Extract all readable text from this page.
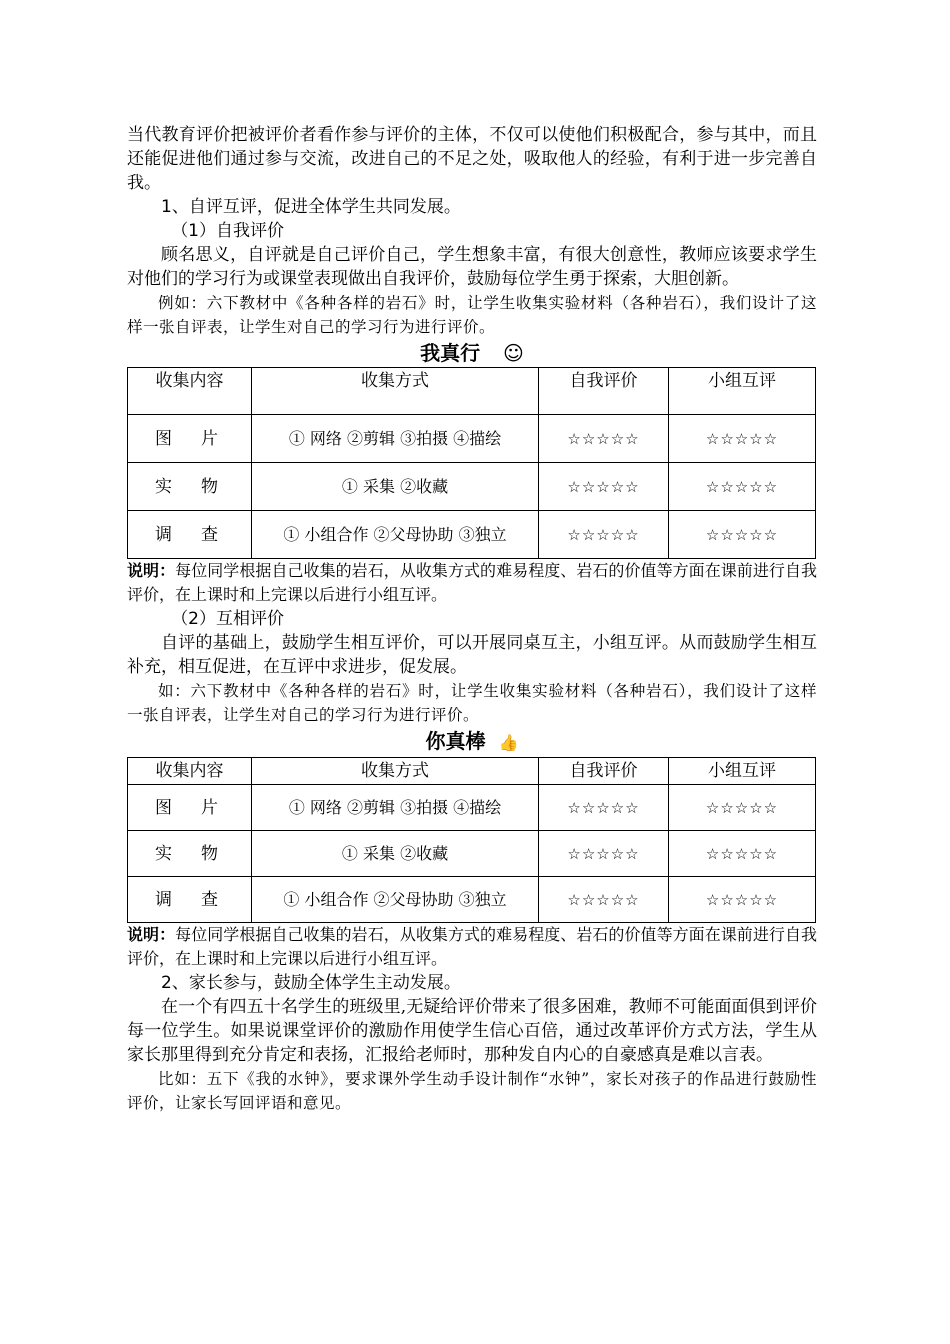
当代教育评价把被评价者看作参与评价的主体，不仅可以使他们积极配合，参与其中，而且还能促进他们通过参与交流，改进自己的不足之处，吸取他人的经验，有利于进一步完善自我。

1、自评互评，促进全体学生共同发展。

（1）自我评价

顾名思义，自评就是自己评价自己，学生想象丰富，有很大创意性，教师应该要求学生对他们的学习行为或课堂表现做出自我评价，鼓励每位学生勇于探索，大胆创新。

例如：六下教材中《各种各样的岩石》时，让学生收集实验材料（各种岩石），我们设计了这样一张自评表，让学生对自己的学习行为进行评价。

我真行 ☺
收集内容	收集方式	自我评价	小组互评
图　片	① 网络 ②剪辑 ③拍摄 ④描绘	☆☆☆☆☆	☆☆☆☆☆
实　物	① 采集 ②收藏	☆☆☆☆☆	☆☆☆☆☆
调　查	① 小组合作 ②父母协助 ③独立	☆☆☆☆☆	☆☆☆☆☆

说明：每位同学根据自己收集的岩石，从收集方式的难易程度、岩石的价值等方面在课前进行自我评价，在上课时和上完课以后进行小组互评。

（2）互相评价

自评的基础上，鼓励学生相互评价，可以开展同桌互主，小组互评。从而鼓励学生相互补充，相互促进，在互评中求进步，促发展。

如：六下教材中《各种各样的岩石》时，让学生收集实验材料（各种岩石），我们设计了这样一张自评表，让学生对自己的学习行为进行评价。

你真棒 👍
收集内容	收集方式	自我评价	小组互评
图　片	① 网络 ②剪辑 ③拍摄 ④描绘	☆☆☆☆☆	☆☆☆☆☆
实　物	① 采集 ②收藏	☆☆☆☆☆	☆☆☆☆☆
调　查	① 小组合作 ②父母协助 ③独立	☆☆☆☆☆	☆☆☆☆☆

说明：每位同学根据自己收集的岩石，从收集方式的难易程度、岩石的价值等方面在课前进行自我评价，在上课时和上完课以后进行小组互评。

2、家长参与，鼓励全体学生主动发展。

在一个有四五十名学生的班级里,无疑给评价带来了很多困难，教师不可能面面俱到评价每一位学生。如果说课堂评价的激励作用使学生信心百倍，通过改革评价方式方法，学生从家长那里得到充分肯定和表扬，汇报给老师时，那种发自内心的自豪感真是难以言表。

比如：五下《我的水钟》，要求课外学生动手设计制作“水钟”，家长对孩子的作品进行鼓励性评价，让家长写回评语和意见。
